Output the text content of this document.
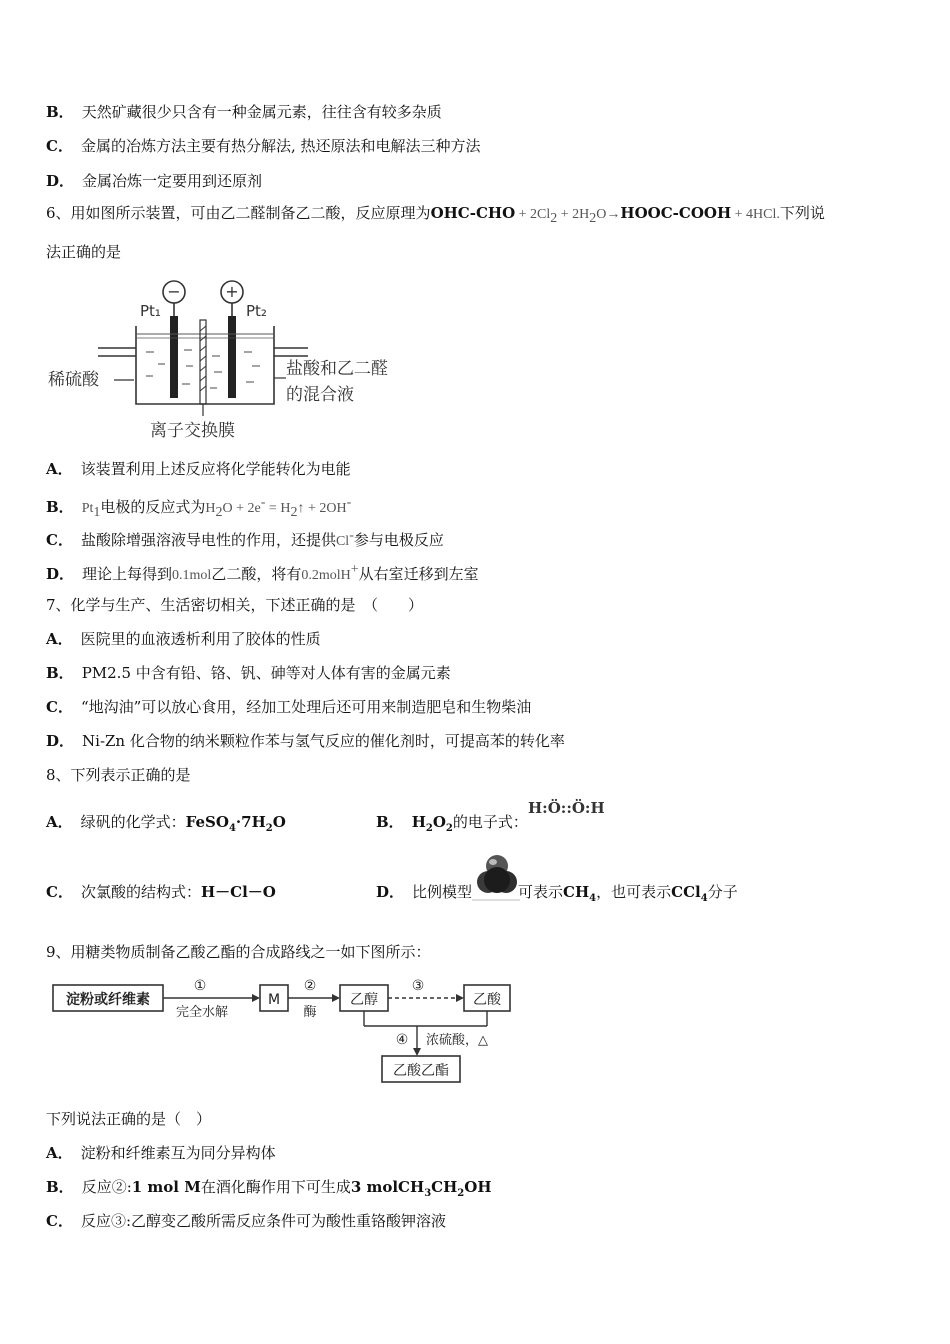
B． 天然矿藏很少只含有一种金属元素，往往含有较多杂质
C． 金属的冶炼方法主要有热分解法, 热还原法和电解法三种方法
D． 金属冶炼一定要用到还原剂
6、用如图所示装置，可由乙二醛制备乙二酸，反应原理为$OHC-CHO + 2Cl_2$ + $2H_2O\to HOOC$-COOH + 4HCl.下列说
法正确的是
−	+
Pt₁	Pt₂
稀硫酸
盐酸和乙二醛
的混合液
离子交换膜
A． 该装置利用上述反应将化学能转化为电能
B． $Pt_1$电极的反应式为$H_2O + 2e^-$ = $H_2↑ + 2OH^-$
C． 盐酸除增强溶液导电性的作用，还提供Cl-参与电极反应
D． 理论上每得到0.1mol乙二酸，将有0.2molH+从右室迁移到左室
7、化学与生产、生活密切相关，下述正确的是　（　　）
A． 医院里的血液透析利用了胶体的性质
B． PM2.5 中含有铅、铬、钒、砷等对人体有害的金属元素
C． “地沟油”可以放心食用，经加工处理后还可用来制造肥皂和生物柴油
D． Ni-Zn 化合物的纳米颗粒作苯与氢气反应的催化剂时，可提高苯的转化率
8、下列表示正确的是
A． 绿矾的化学式：$FeSO_4\cdot 7H_2O$	B． $H_2O_2$的电子式：
H:Ö::Ö:H
C． 次氯酸的结构式：H－Cl－O	D． 比例模型	可表示$CH_4$，也可表示CCl$_4$分子
9、用糖类物质制备乙酸乙酯的合成路线之一如下图所示：
淀粉或纤维素
①
完全水解
M
②
酶
乙醇
③
乙酸
④ 浓硫酸，△
乙酸乙酯
下列说法正确的是（　）
A． 淀粉和纤维素互为同分异构体
B． 反应②:1 mol M在酒化酶作用下可生成3 $molCH_3CH_2OH$
C． 反应③:乙醇变乙酸所需反应条件可为酸性重铬酸钾溶液
